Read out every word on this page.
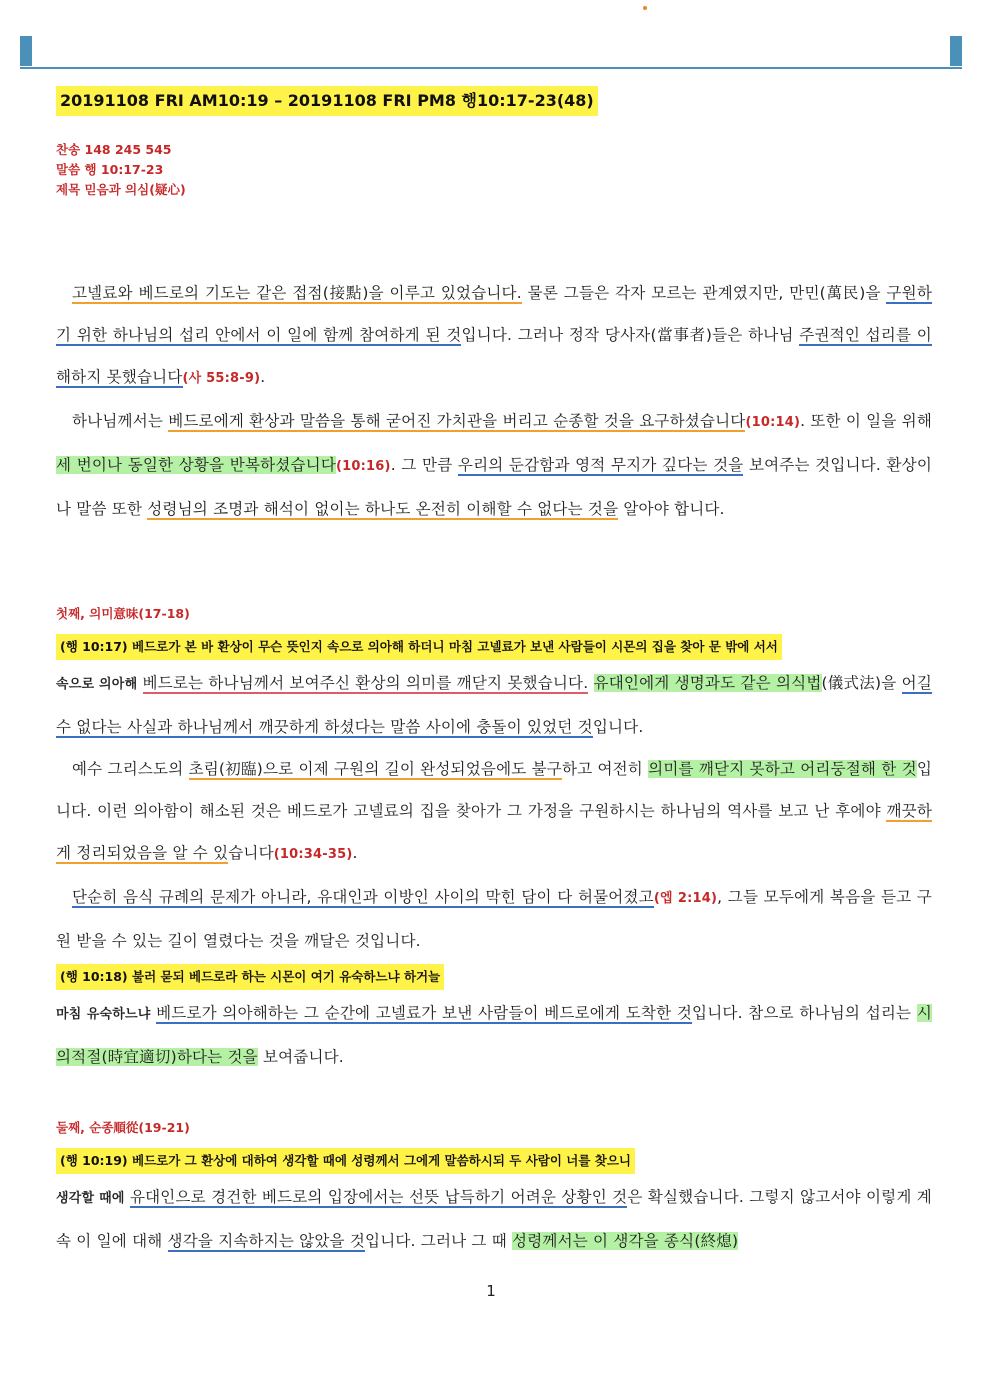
20191108 FRI AM10:19 – 20191108 FRI PM8 행10:17-23(48)
찬송 148 245 545
말씀 행 10:17-23
제목 믿음과 의심(疑心)

고넬료와 베드로의 기도는 같은 접점(接點)을 이루고 있었습니다. 물론 그들은 각자 모르는 관계였지만, 만민(萬民)을 구원하기 위한 하나님의 섭리 안에서 이 일에 함께 참여하게 된 것입니다. 그러나 정작 당사자(當事者)들은 하나님 주권적인 섭리를 이해하지 못했습니다(사 55:8-9).

하나님께서는 베드로에게 환상과 말씀을 통해 굳어진 가치관을 버리고 순종할 것을 요구하셨습니다(10:14). 또한 이 일을 위해 세 번이나 동일한 상황을 반복하셨습니다(10:16). 그 만큼 우리의 둔감함과 영적 무지가 깊다는 것을 보여주는 것입니다. 환상이나 말씀 또한 성령님의 조명과 해석이 없이는 하나도 온전히 이해할 수 없다는 것을 알아야 합니다.

첫째, 의미意味(17-18)

(행 10:17) 베드로가 본 바 환상이 무슨 뜻인지 속으로 의아해 하더니 마침 고넬료가 보낸 사람들이 시몬의 집을 찾아 문 밖에 서서

속으로 의아해 베드로는 하나님께서 보여주신 환상의 의미를 깨닫지 못했습니다. 유대인에게 생명과도 같은 의식법(儀式法)을 어길 수 없다는 사실과 하나님께서 깨끗하게 하셨다는 말씀 사이에 충돌이 있었던 것입니다.

예수 그리스도의 초림(初臨)으로 이제 구원의 길이 완성되었음에도 불구하고 여전히 의미를 깨닫지 못하고 어리둥절해 한 것입니다. 이런 의아함이 해소된 것은 베드로가 고넬료의 집을 찾아가 그 가정을 구원하시는 하나님의 역사를 보고 난 후에야 깨끗하게 정리되었음을 알 수 있습니다(10:34-35).

단순히 음식 규례의 문제가 아니라, 유대인과 이방인 사이의 막힌 담이 다 허물어졌고(엡 2:14), 그들 모두에게 복음을 듣고 구원 받을 수 있는 길이 열렸다는 것을 깨달은 것입니다.

(행 10:18) 불러 묻되 베드로라 하는 시몬이 여기 유숙하느냐 하거늘

마침 유숙하느냐 베드로가 의아해하는 그 순간에 고넬료가 보낸 사람들이 베드로에게 도착한 것입니다. 참으로 하나님의 섭리는 시의적절(時宜適切)하다는 것을 보여줍니다.

둘째, 순종順從(19-21)

(행 10:19) 베드로가 그 환상에 대하여 생각할 때에 성령께서 그에게 말씀하시되 두 사람이 너를 찾으니

생각할 때에 유대인으로 경건한 베드로의 입장에서는 선뜻 납득하기 어려운 상황인 것은 확실했습니다. 그렇지 않고서야 이렇게 계속 이 일에 대해 생각을 지속하지는 않았을 것입니다. 그러나 그 때 성령께서는 이 생각을 종식(終熄)

1
